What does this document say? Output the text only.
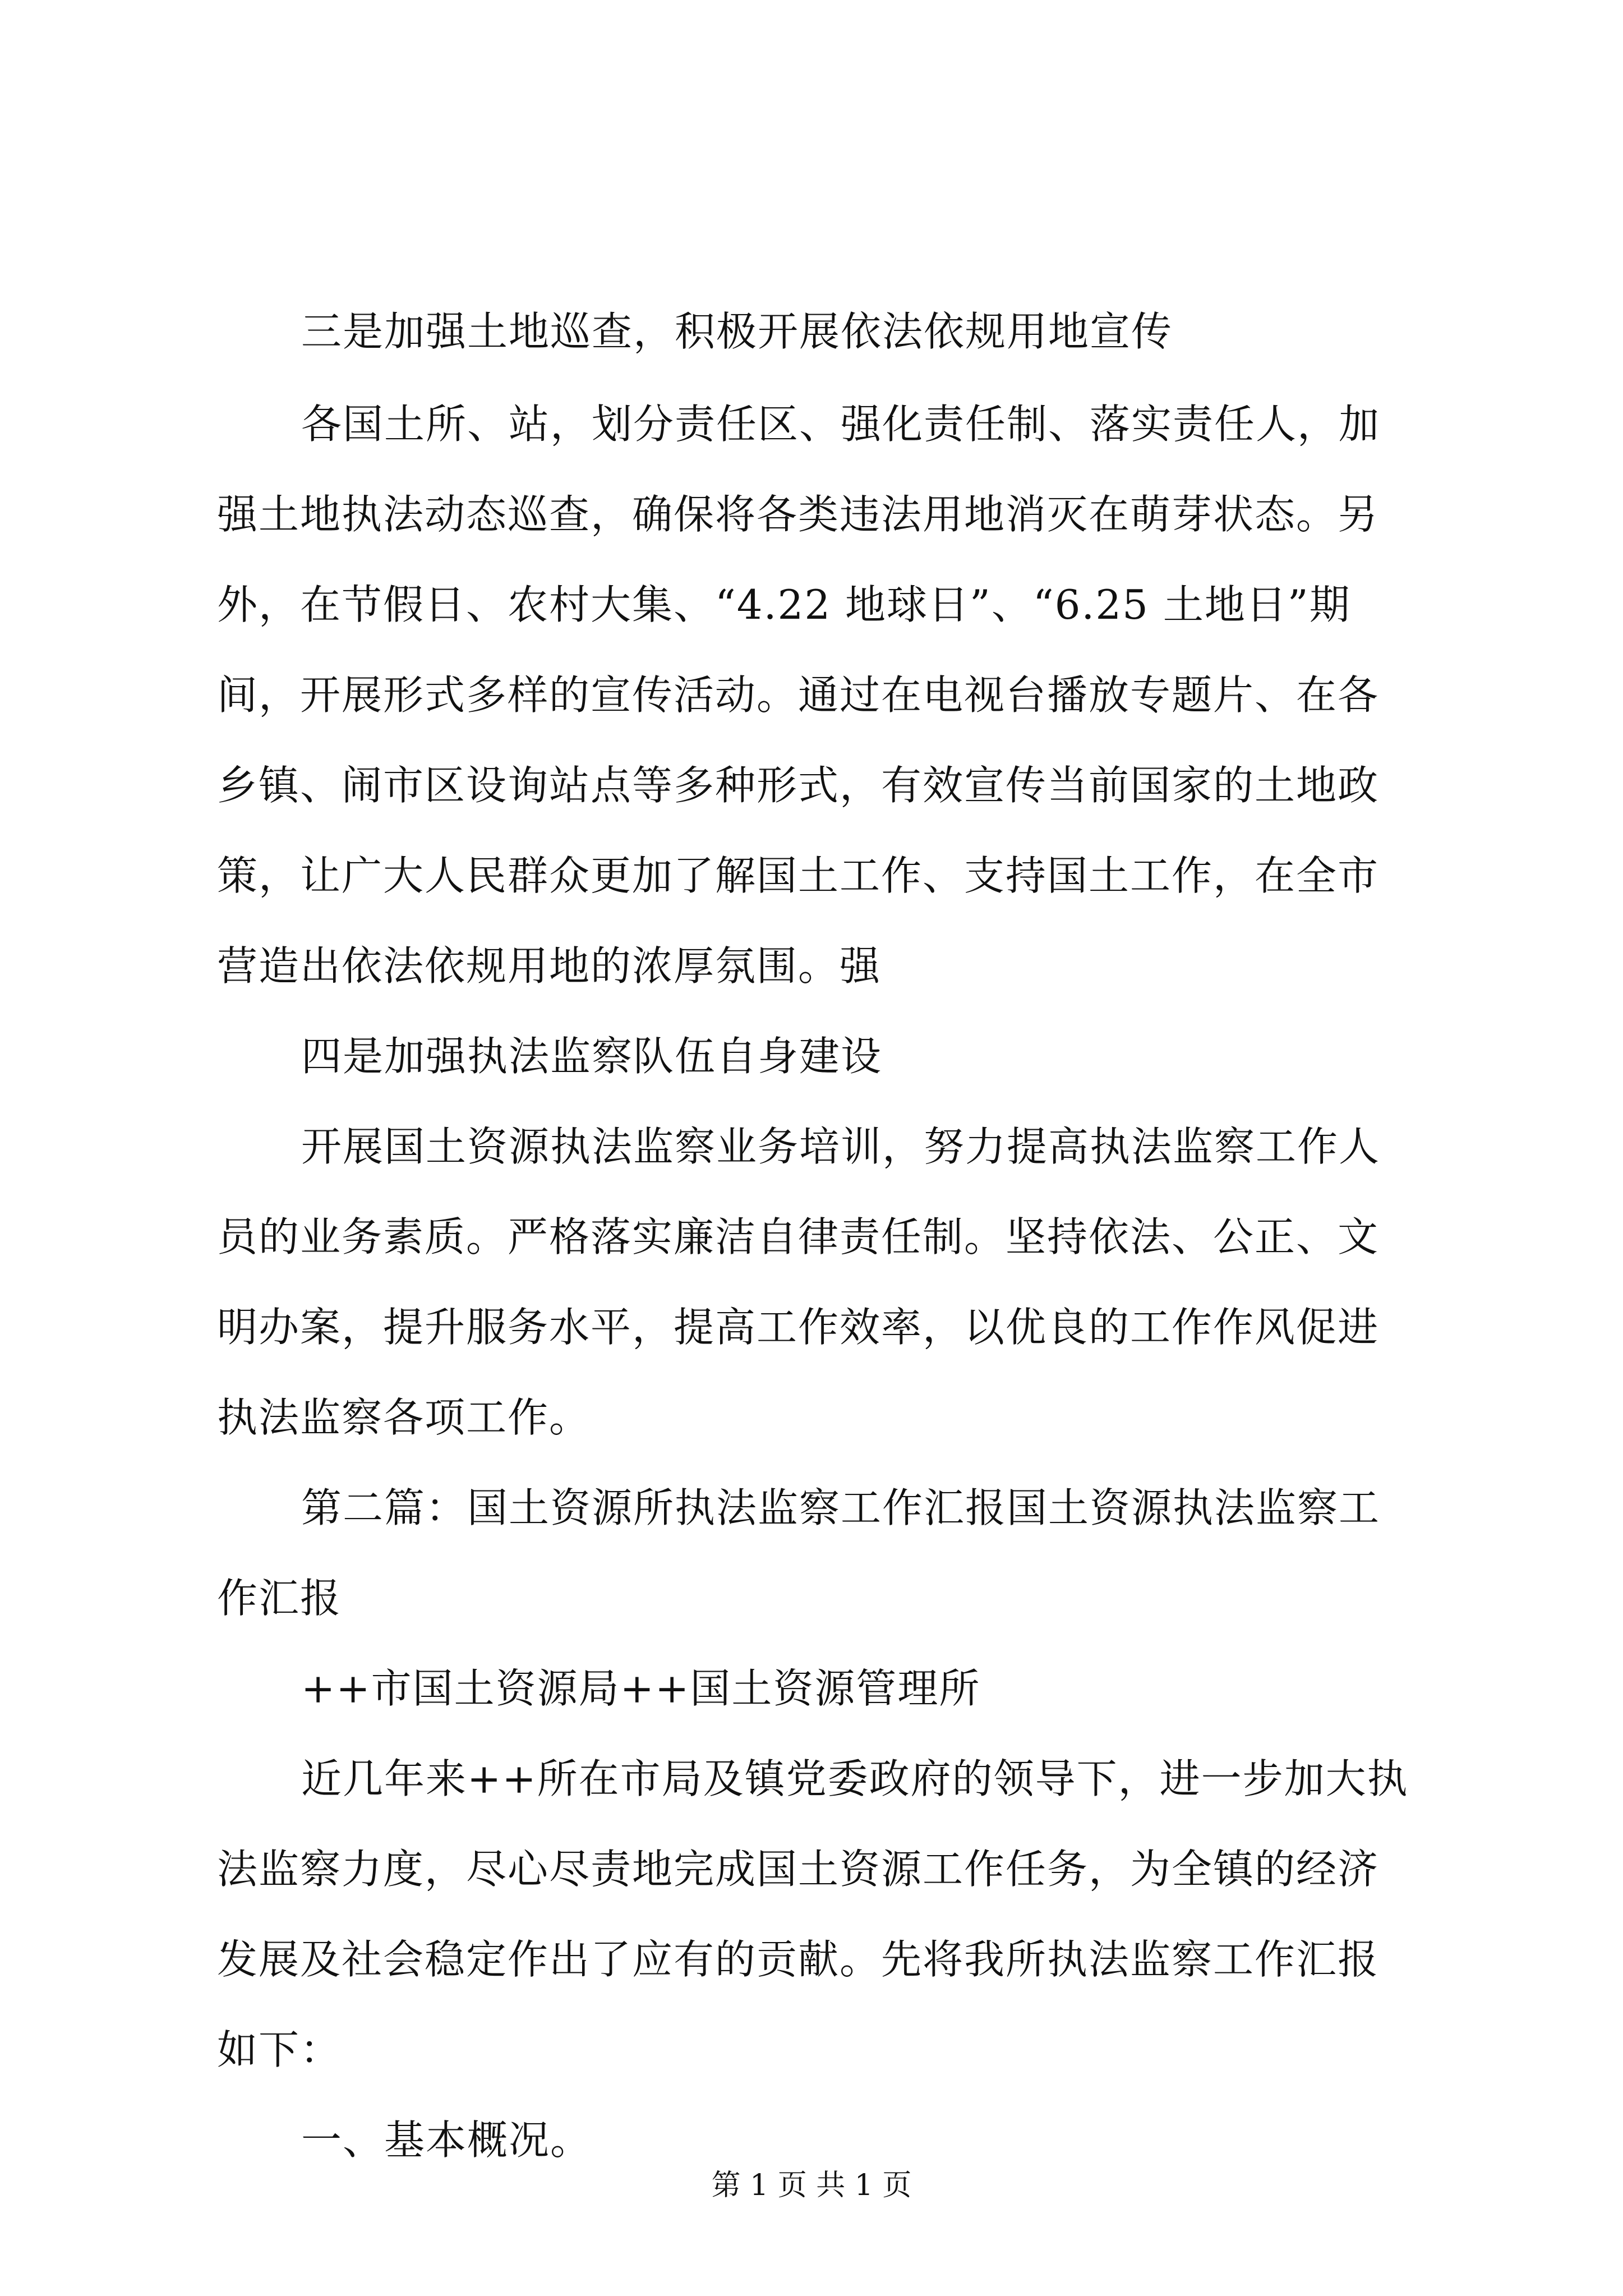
三是加强土地巡查，积极开展依法依规用地宣传
各国土所、站，划分责任区、强化责任制、落实责任人，加
强土地执法动态巡查，确保将各类违法用地消灭在萌芽状态。另
外，在节假日、农村大集、“4.22 地球日”、“6.25 土地日”期
间，开展形式多样的宣传活动。通过在电视台播放专题片、在各
乡镇、闹市区设询站点等多种形式，有效宣传当前国家的土地政
策，让广大人民群众更加了解国土工作、支持国土工作，在全市
营造出依法依规用地的浓厚氛围。强
四是加强执法监察队伍自身建设
开展国土资源执法监察业务培训，努力提高执法监察工作人
员的业务素质。严格落实廉洁自律责任制。坚持依法、公正、文
明办案，提升服务水平，提高工作效率，以优良的工作作风促进
执法监察各项工作。
第二篇：国土资源所执法监察工作汇报国土资源执法监察工
作汇报
++市国土资源局++国土资源管理所
近几年来++所在市局及镇党委政府的领导下，进一步加大执
法监察力度，尽心尽责地完成国土资源工作任务，为全镇的经济
发展及社会稳定作出了应有的贡献。先将我所执法监察工作汇报
如下：
一、基本概况。
第 1 页 共 1 页
